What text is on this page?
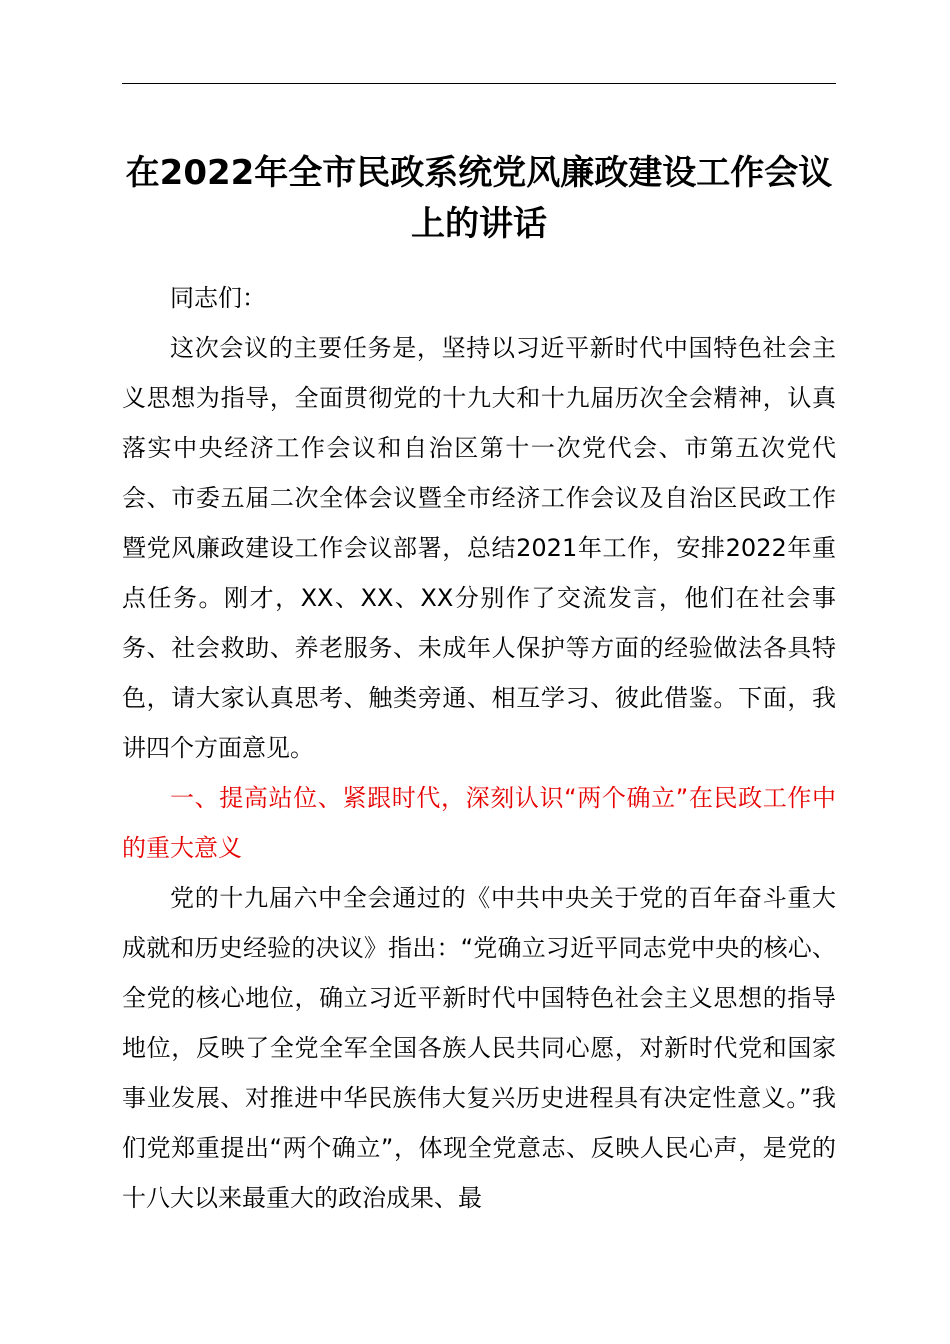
在2022年全市民政系统党风廉政建设工作会议上的讲话

同志们：

这次会议的主要任务是，坚持以习近平新时代中国特色社会主义思想为指导，全面贯彻党的十九大和十九届历次全会精神，认真落实中央经济工作会议和自治区第十一次党代会、市第五次党代会、市委五届二次全体会议暨全市经济工作会议及自治区民政工作暨党风廉政建设工作会议部署，总结2021年工作，安排2022年重点任务。刚才，XX、XX、XX分别作了交流发言，他们在社会事务、社会救助、养老服务、未成年人保护等方面的经验做法各具特色，请大家认真思考、触类旁通、相互学习、彼此借鉴。下面，我讲四个方面意见。

一、提高站位、紧跟时代，深刻认识“两个确立”在民政工作中的重大意义

党的十九届六中全会通过的《中共中央关于党的百年奋斗重大成就和历史经验的决议》指出：“党确立习近平同志党中央的核心、全党的核心地位，确立习近平新时代中国特色社会主义思想的指导地位，反映了全党全军全国各族人民共同心愿，对新时代党和国家事业发展、对推进中华民族伟大复兴历史进程具有决定性意义。”我们党郑重提出“两个确立”，体现全党意志、反映人民心声，是党的十八大以来最重大的政治成果、最
